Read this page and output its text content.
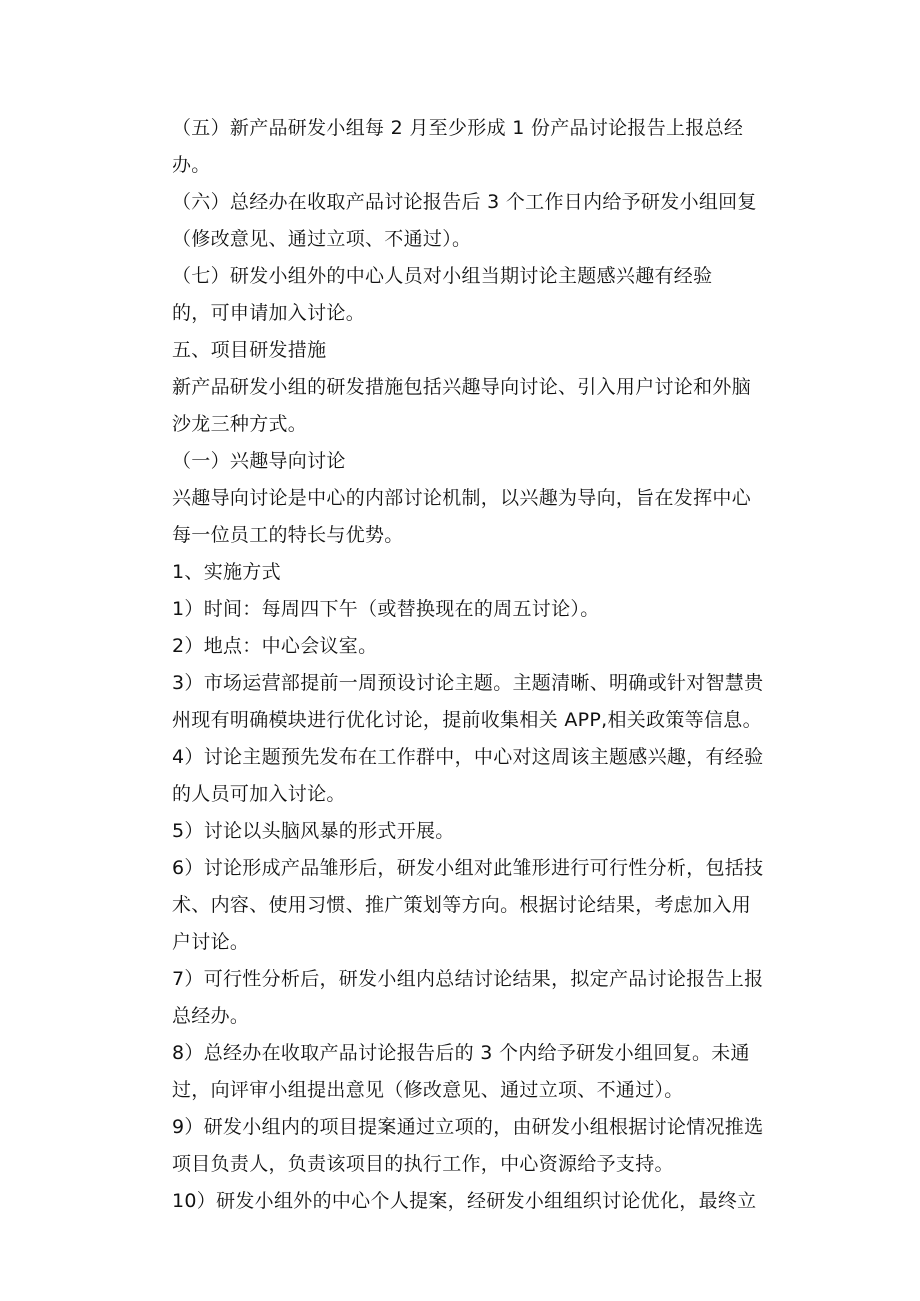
（五）新产品研发小组每 2 月至少形成 1 份产品讨论报告上报总经
办。
（六）总经办在收取产品讨论报告后 3 个工作日内给予研发小组回复
（修改意见、通过立项、不通过）。
（七）研发小组外的中心人员对小组当期讨论主题感兴趣有经验
的，可申请加入讨论。
五、项目研发措施
新产品研发小组的研发措施包括兴趣导向讨论、引入用户讨论和外脑
沙龙三种方式。
（一）兴趣导向讨论
兴趣导向讨论是中心的内部讨论机制，以兴趣为导向，旨在发挥中心
每一位员工的特长与优势。
1、实施方式
1）时间：每周四下午（或替换现在的周五讨论）。
2）地点：中心会议室。
3）市场运营部提前一周预设讨论主题。主题清晰、明确或针对智慧贵
州现有明确模块进行优化讨论，提前收集相关 APP,相关政策等信息。
4）讨论主题预先发布在工作群中，中心对这周该主题感兴趣，有经验
的人员可加入讨论。
5）讨论以头脑风暴的形式开展。
6）讨论形成产品雏形后，研发小组对此雏形进行可行性分析，包括技
术、内容、使用习惯、推广策划等方向。根据讨论结果，考虑加入用
户讨论。
7）可行性分析后，研发小组内总结讨论结果，拟定产品讨论报告上报
总经办。
8）总经办在收取产品讨论报告后的 3 个内给予研发小组回复。未通
过，向评审小组提出意见（修改意见、通过立项、不通过）。
9）研发小组内的项目提案通过立项的，由研发小组根据讨论情况推选
项目负责人，负责该项目的执行工作，中心资源给予支持。
10）研发小组外的中心个人提案，经研发小组组织讨论优化，最终立
